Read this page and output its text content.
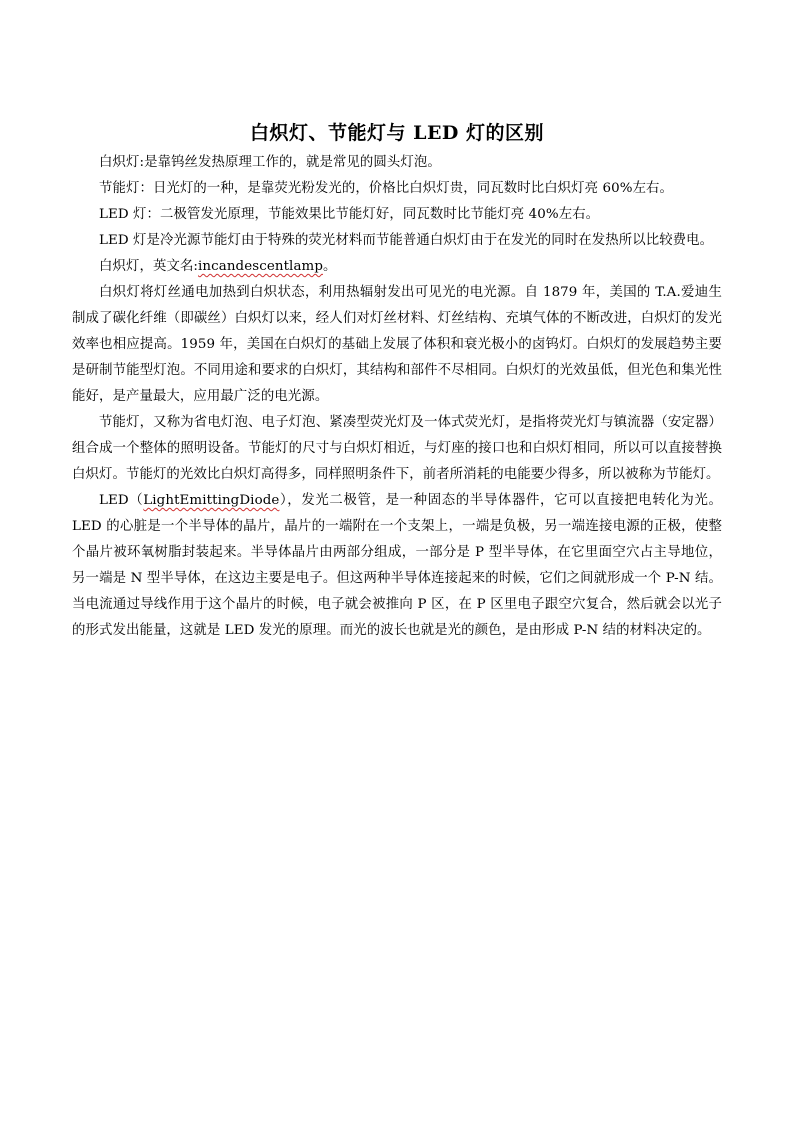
白炽灯、节能灯与 LED 灯的区别

白炽灯:是靠钨丝发热原理工作的，就是常见的圆头灯泡。

节能灯：日光灯的一种，是靠荧光粉发光的，价格比白炽灯贵，同瓦数时比白炽灯亮 60%左右。

LED 灯：二极管发光原理，节能效果比节能灯好，同瓦数时比节能灯亮 40%左右。

LED 灯是冷光源节能灯由于特殊的荧光材料而节能普通白炽灯由于在发光的同时在发热所以比较费电。

白炽灯，英文名:incandescentlamp。

白炽灯将灯丝通电加热到白炽状态，利用热辐射发出可见光的电光源。自 1879 年，美国的 T.A.爱迪生制成了碳化纤维（即碳丝）白炽灯以来，经人们对灯丝材料、灯丝结构、充填气体的不断改进，白炽灯的发光效率也相应提高。1959 年，美国在白炽灯的基础上发展了体积和衰光极小的卤钨灯。白炽灯的发展趋势主要是研制节能型灯泡。不同用途和要求的白炽灯，其结构和部件不尽相同。白炽灯的光效虽低，但光色和集光性能好，是产量最大，应用最广泛的电光源。

节能灯，又称为省电灯泡、电子灯泡、紧凑型荧光灯及一体式荧光灯，是指将荧光灯与镇流器（安定器）组合成一个整体的照明设备。节能灯的尺寸与白炽灯相近，与灯座的接口也和白炽灯相同，所以可以直接替换白炽灯。节能灯的光效比白炽灯高得多，同样照明条件下，前者所消耗的电能要少得多，所以被称为节能灯。

LED（LightEmittingDiode），发光二极管，是一种固态的半导体器件，它可以直接把电转化为光。LED 的心脏是一个半导体的晶片，晶片的一端附在一个支架上，一端是负极，另一端连接电源的正极，使整个晶片被环氧树脂封装起来。半导体晶片由两部分组成，一部分是 P 型半导体，在它里面空穴占主导地位，另一端是 N 型半导体，在这边主要是电子。但这两种半导体连接起来的时候，它们之间就形成一个 P-N 结。当电流通过导线作用于这个晶片的时候，电子就会被推向 P 区，在 P 区里电子跟空穴复合，然后就会以光子的形式发出能量，这就是 LED 发光的原理。而光的波长也就是光的颜色，是由形成 P-N 结的材料决定的。
